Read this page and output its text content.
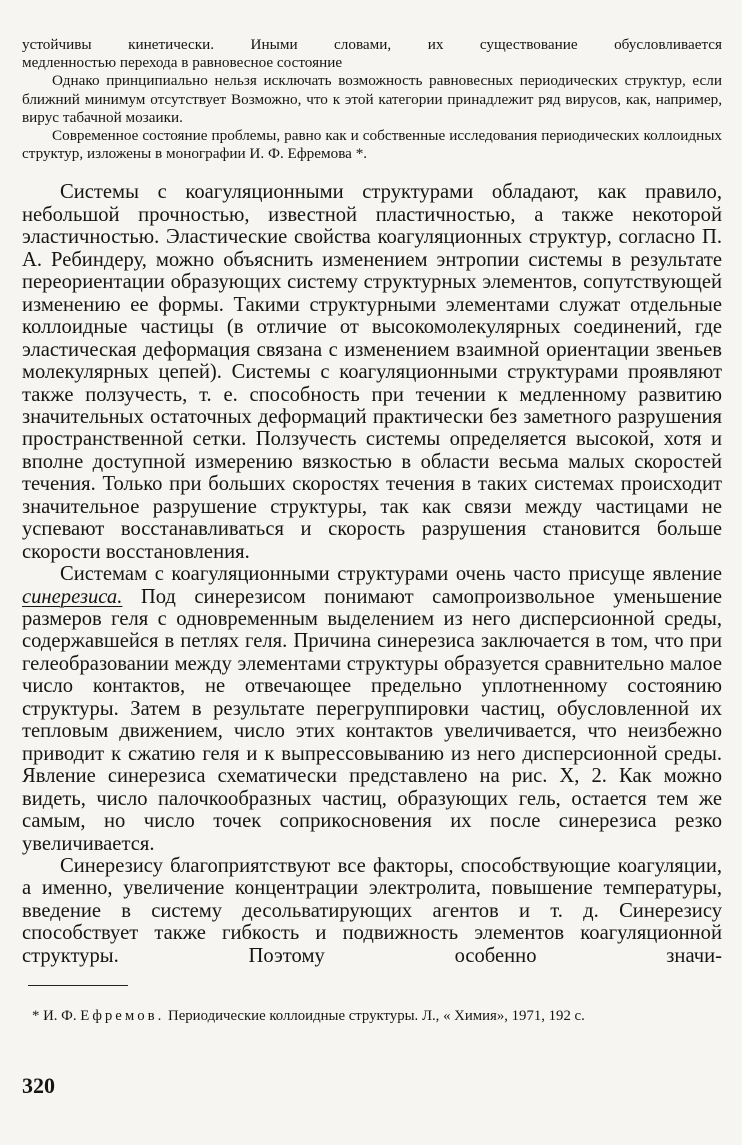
устойчивы кинетически. Иными словами, их существование обусловливается

медленностью перехода в равновесное состояние

Однако принципиально нельзя исключать возможность равновесных периодических структур, если ближний минимум отсутствует Возможно, что к этой категории принадлежит ряд вирусов, как, например, вирус табачной мозаики.

Современное состояние проблемы, равно как и собственные исследования периодических коллоидных структур, изложены в монографии И. Ф. Ефремова *.

Системы с коагуляционными структурами обладают, как правило, небольшой прочностью, известной пластичностью, а также некоторой эластичностью. Эластические свойства коагуляционных структур, согласно П. А. Ребиндеру, можно объяснить изменением энтропии системы в результате переориентации образующих систему структурных элементов, сопутствующей изменению ее формы. Такими структурными элементами служат отдельные коллоидные частицы (в отличие от высокомолекулярных соединений, где эластическая деформация связана с изменением взаимной ориентации звеньев молекулярных цепей). Системы с коагуляционными структурами проявляют также ползучесть, т. е. способность при течении к медленному развитию значительных остаточных деформаций практически без заметного разрушения пространственной сетки. Ползучесть системы определяется высокой, хотя и вполне доступной измерению вязкостью в области весьма малых скоростей течения. Только при больших скоростях течения в таких системах происходит значительное разрушение структуры, так как связи между частицами не успевают восстанавливаться и скорость разрушения становится больше скорости восстановления.

Системам с коагуляционными структурами очень часто присуще явление синерезиса. Под синерезисом понимают самопроизвольное уменьшение размеров геля с одновременным выделением из него дисперсионной среды, содержавшейся в петлях геля. Причина синерезиса заключается в том, что при гелеобразовании между элементами структуры образуется сравнительно малое число контактов, не отвечающее предельно уплотненному состоянию структуры. Затем в результате перегруппировки частиц, обусловленной их тепловым движением, число этих контактов увеличивается, что неизбежно приводит к сжатию геля и к выпрессовыванию из него дисперсионной среды. Явление синерезиса схематически представлено на рис. X, 2. Как можно видеть, число палочкообразных частиц, образующих гель, остается тем же самым, но число точек соприкосновения их после синерезиса резко увеличивается.

Синерезису благоприятствуют все факторы, способствующие коагуляции, а именно, увеличение концентрации электролита, повышение температуры, введение в систему десольватирующих агентов и т. д. Синерезису способствует также гибкость и подвижность элементов коагуляционной структуры. Поэтому особенно значи-

* И. Ф. Ефремов. Периодические коллоидные структуры. Л., « Химия», 1971, 192 с.
320
